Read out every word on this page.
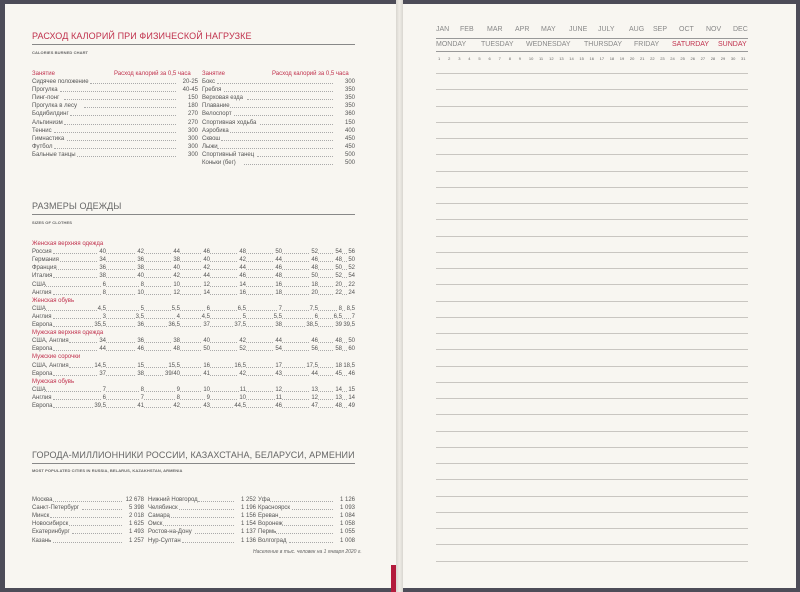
РАСХОД КАЛОРИЙ ПРИ ФИЗИЧЕСКОЙ НАГРУЗКЕ
CALORIES BURNED CHART
Занятие	Расход калорий за 0,5 часа Занятие	Расход калорий за 0,5 часа
Сидячее положение	20-25
Прогулка	40-45
Пинг-понг	150
Прогулка в лесу	180
Бодибилдинг	270
Альпинизм	270
Теннис	300
Гимнастика	300
Футбол	300
Бальные танцы	300
Бокс	300
Гребля	350
Верховая езда	350
Плавание	350
Велоспорт	360
Спортивная ходьба	150
Аэробика	400
Сквош	450
Лыжи	450
Спортивный танец	500
Коньки (бег)	500
РАЗМЕРЫ ОДЕЖДЫ
SIZES OF CLOTHES
Женская верхняя одежда
Россия	40	42	44	46	48	50	52	54 56
Германия	34	36	38	40	42	44	46	48 50
Франция	36	38	40	42	44	46	48	50 52
Италия	38	40	42	44	46	48	50	52 54
США	6	8	10	12	14	16	18	20 22
Англия	8	10	12	14	16	18	20	22 24
Женская обувь
США	4,5	5	5,5	6	6,5	7	7,5	8 8,5
Англия	3	3,5	4	4,5	5	5,5	6	6,5 7
Европа	35,5	36	36,5	37	37,5	38	38,5	39 39,5
Мужская верхняя одежда
США, Англия	34	36	38	40	42	44	46	48 50
Европа	44	46	48	50	52	54	56	58 60
Мужские сорочки
США, Англия	14,5	15	15,5	16	16,5	17	17,5	18 18,5
Европа	37	38	39/40	41	42	43	44	45 46
Мужская обувь
США	7	8	9	10	11	12	13	14 15
Англия	6	7	8	9	10	11	12	13 14
Европа	39,5	41	42	43	44,5	46	47	48 49
ГОРОДА-МИЛЛИОННИКИ РОССИИ, КАЗАХСТАНА, БЕЛАРУСИ, АРМЕНИИ
MOST POPULATED CITIES IN RUSSIA, BELARUS, KAZAKHSTAN, ARMENIA
Москва	12 678
Санкт-Петербург	5 398
Минск	2 018
Новосибирск	1 625
Екатеринбург	1 493
Казань	1 257
Нижний Новгород	1 252
Челябинск	1 196
Самара	1 156
Омск	1 154
Ростов-на-Дону	1 137
Нур-Султан	1 136
Уфа	1 126
Красноярск	1 093
Ереван	1 084
Воронеж	1 058
Пермь	1 055
Волгоград	1 008
Население в тыс. человек на 1 января 2020 г.
JAN FEB MAR APR MAY JUNE JULY AUG SEP OCT NOV DEC
MONDAY TUESDAY WEDNESDAY THURSDAY FRIDAY SATURDAY SUNDAY
1 2 3 4 5 6 7 8 9 10 11 12 13 14 15 16 17 18 19 20 21 22 23 24 25 26 27 28 29 30 31
